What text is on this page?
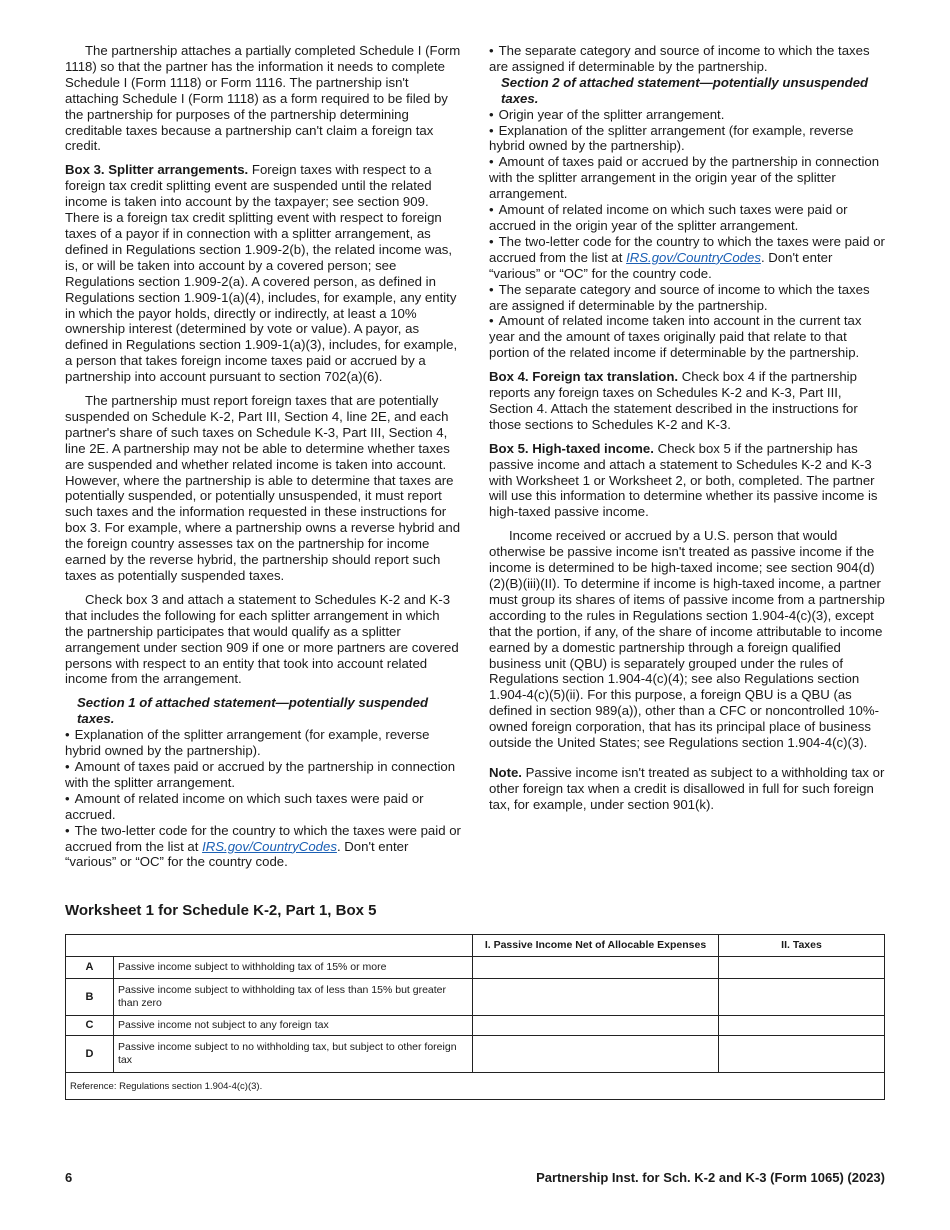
The partnership attaches a partially completed Schedule I (Form 1118) so that the partner has the information it needs to complete Schedule I (Form 1118) or Form 1116. The partnership isn't attaching Schedule I (Form 1118) as a form required to be filed by the partnership for purposes of the partnership determining creditable taxes because a partnership can't claim a foreign tax credit.

Box 3. Splitter arrangements. Foreign taxes with respect to a foreign tax credit splitting event are suspended until the related income is taken into account by the taxpayer; see section 909. There is a foreign tax credit splitting event with respect to foreign taxes of a payor if in connection with a splitter arrangement, as defined in Regulations section 1.909-2(b), the related income was, is, or will be taken into account by a covered person; see Regulations section 1.909-2(a). A covered person, as defined in Regulations section 1.909-1(a)(4), includes, for example, any entity in which the payor holds, directly or indirectly, at least a 10% ownership interest (determined by vote or value). A payor, as defined in Regulations section 1.909-1(a)(3), includes, for example, a person that takes foreign income taxes paid or accrued by a partnership into account pursuant to section 702(a)(6).

The partnership must report foreign taxes that are potentially suspended on Schedule K-2, Part III, Section 4, line 2E, and each partner's share of such taxes on Schedule K-3, Part III, Section 4, line 2E. A partnership may not be able to determine whether taxes are suspended and whether related income is taken into account. However, where the partnership is able to determine that taxes are potentially suspended, or potentially unsuspended, it must report such taxes and the information requested in these instructions for box 3. For example, where a partnership owns a reverse hybrid and the foreign country assesses tax on the partnership for income earned by the reverse hybrid, the partnership should report such taxes as potentially suspended taxes.

Check box 3 and attach a statement to Schedules K-2 and K-3 that includes the following for each splitter arrangement in which the partnership participates that would qualify as a splitter arrangement under section 909 if one or more partners are covered persons with respect to an entity that took into account related income from the arrangement.

Section 1 of attached statement—potentially suspended taxes.

• Explanation of the splitter arrangement (for example, reverse hybrid owned by the partnership).

• Amount of taxes paid or accrued by the partnership in connection with the splitter arrangement.

• Amount of related income on which such taxes were paid or accrued.

• The two-letter code for the country to which the taxes were paid or accrued from the list at IRS.gov/CountryCodes. Don't enter “various” or “OC” for the country code.

• The separate category and source of income to which the taxes are assigned if determinable by the partnership.

Section 2 of attached statement—potentially unsuspended taxes.

• Origin year of the splitter arrangement.

• Explanation of the splitter arrangement (for example, reverse hybrid owned by the partnership).

• Amount of taxes paid or accrued by the partnership in connection with the splitter arrangement in the origin year of the splitter arrangement.

• Amount of related income on which such taxes were paid or accrued in the origin year of the splitter arrangement.

• The two-letter code for the country to which the taxes were paid or accrued from the list at IRS.gov/CountryCodes. Don't enter “various” or “OC” for the country code.

• The separate category and source of income to which the taxes are assigned if determinable by the partnership.

• Amount of related income taken into account in the current tax year and the amount of taxes originally paid that relate to that portion of the related income if determinable by the partnership.

Box 4. Foreign tax translation. Check box 4 if the partnership reports any foreign taxes on Schedules K-2 and K-3, Part III, Section 4. Attach the statement described in the instructions for those sections to Schedules K-2 and K-3.

Box 5. High-taxed income. Check box 5 if the partnership has passive income and attach a statement to Schedules K-2 and K-3 with Worksheet 1 or Worksheet 2, or both, completed. The partner will use this information to determine whether its passive income is high-taxed passive income.

Income received or accrued by a U.S. person that would otherwise be passive income isn't treated as passive income if the income is determined to be high-taxed income; see section 904(d)(2)(B)(iii)(II). To determine if income is high-taxed income, a partner must group its shares of items of passive income from a partnership according to the rules in Regulations section 1.904-4(c)(3), except that the portion, if any, of the share of income attributable to income earned by a domestic partnership through a foreign qualified business unit (QBU) is separately grouped under the rules of Regulations section 1.904-4(c)(4); see also Regulations section 1.904-4(c)(5)(ii). For this purpose, a foreign QBU is a QBU (as defined in section 989(a)), other than a CFC or noncontrolled 10%-owned foreign corporation, that has its principal place of business outside the United States; see Regulations section 1.904-4(c)(3).

Note. Passive income isn't treated as subject to a withholding tax or other foreign tax when a credit is disallowed in full for such foreign tax, for example, under section 901(k).

Worksheet 1 for Schedule K-2, Part 1, Box 5
		I. Passive Income Net of Allocable Expenses	II. Taxes
A	Passive income subject to withholding tax of 15% or more		
B	Passive income subject to withholding tax of less than 15% but greater than zero		
C	Passive income not subject to any foreign tax		
D	Passive income subject to no withholding tax, but subject to other foreign tax		
Reference: Regulations section 1.904-4(c)(3).			
6	Partnership Inst. for Sch. K-2 and K-3 (Form 1065) (2023)
